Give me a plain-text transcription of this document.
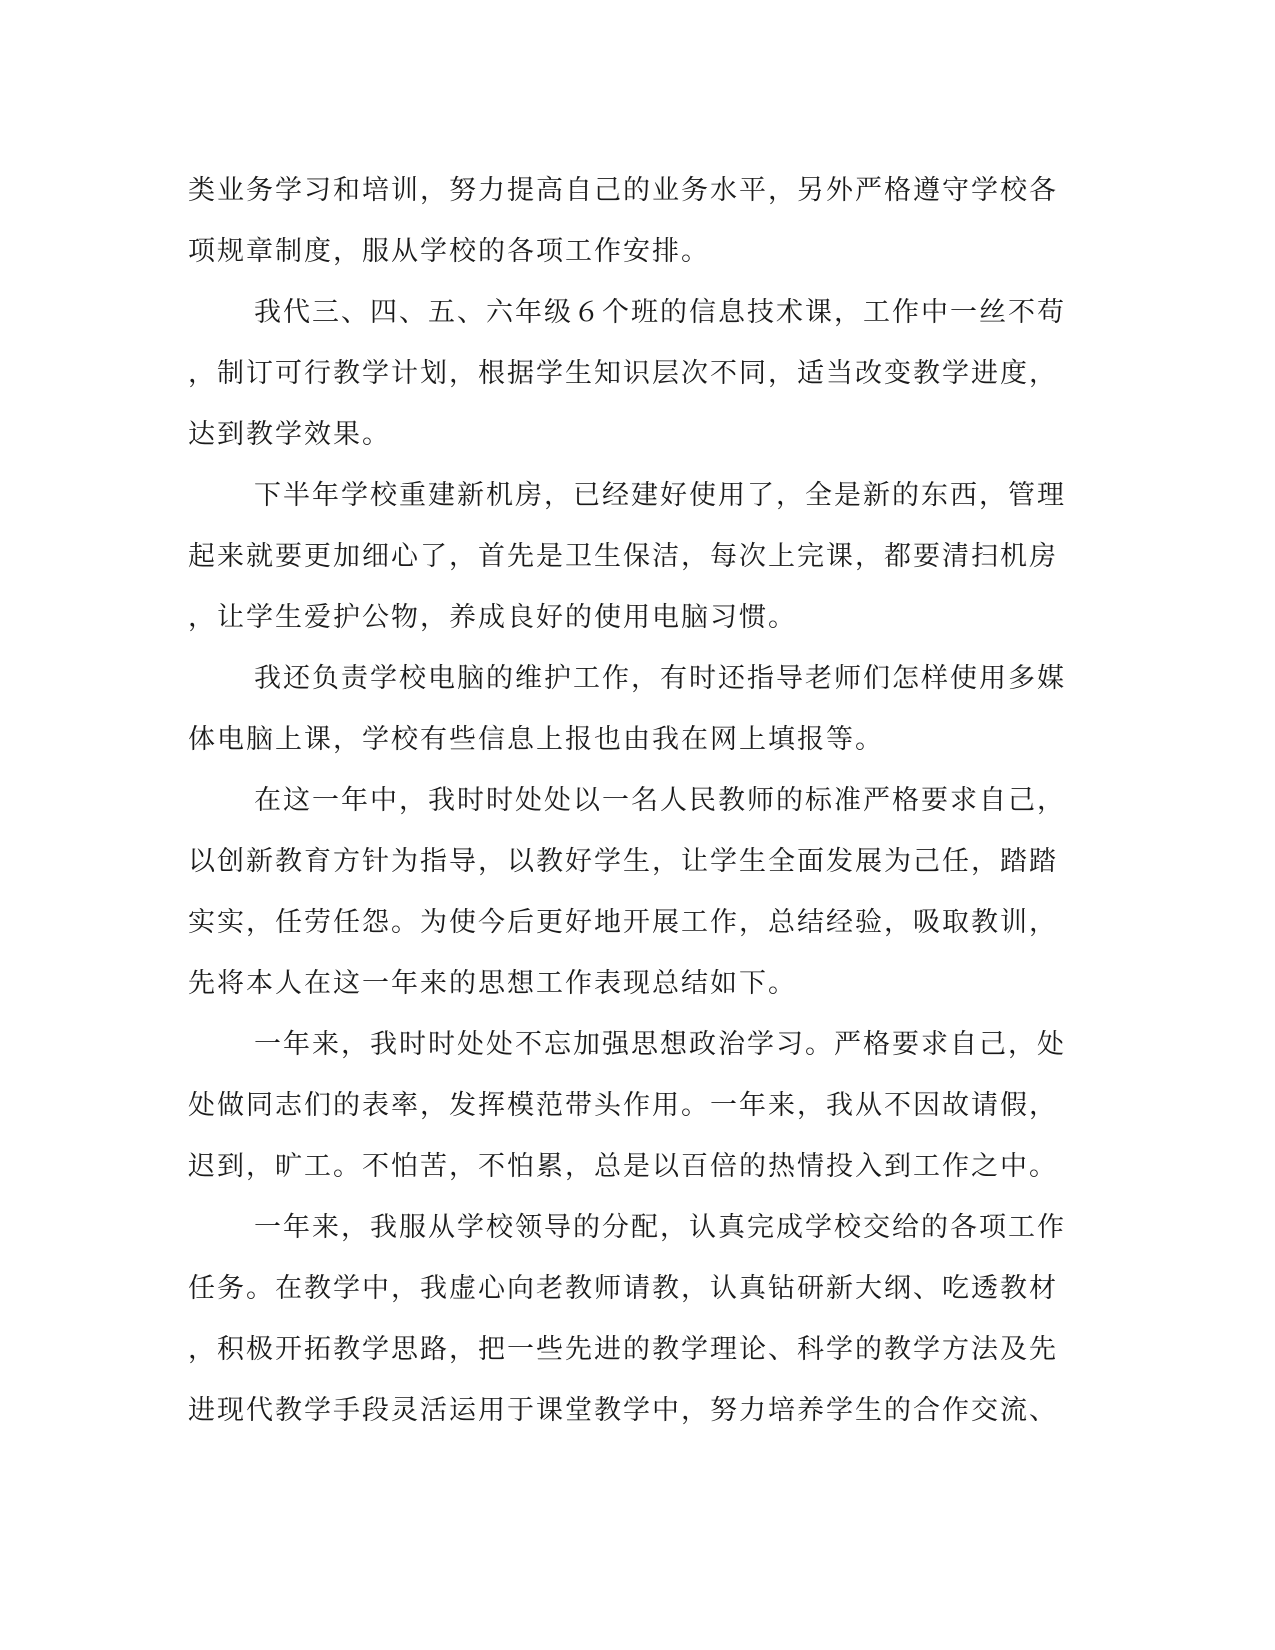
类业务学习和培训，努力提高自己的业务水平，另外严格遵守学校各
项规章制度，服从学校的各项工作安排。
我代三、四、五、六年级６个班的信息技术课，工作中一丝不苟
，制订可行教学计划，根据学生知识层次不同，适当改变教学进度，
达到教学效果。
下半年学校重建新机房，已经建好使用了，全是新的东西，管理
起来就要更加细心了，首先是卫生保洁，每次上完课，都要清扫机房
，让学生爱护公物，养成良好的使用电脑习惯。
我还负责学校电脑的维护工作，有时还指导老师们怎样使用多媒
体电脑上课，学校有些信息上报也由我在网上填报等。
在这一年中，我时时处处以一名人民教师的标准严格要求自己，
以创新教育方针为指导，以教好学生，让学生全面发展为己任，踏踏
实实，任劳任怨。为使今后更好地开展工作，总结经验，吸取教训，
先将本人在这一年来的思想工作表现总结如下。
一年来，我时时处处不忘加强思想政治学习。严格要求自己，处
处做同志们的表率，发挥模范带头作用。一年来，我从不因故请假，
迟到，旷工。不怕苦，不怕累，总是以百倍的热情投入到工作之中。
一年来，我服从学校领导的分配，认真完成学校交给的各项工作
任务。在教学中，我虚心向老教师请教，认真钻研新大纲、吃透教材
，积极开拓教学思路，把一些先进的教学理论、科学的教学方法及先
进现代教学手段灵活运用于课堂教学中，努力培养学生的合作交流、
